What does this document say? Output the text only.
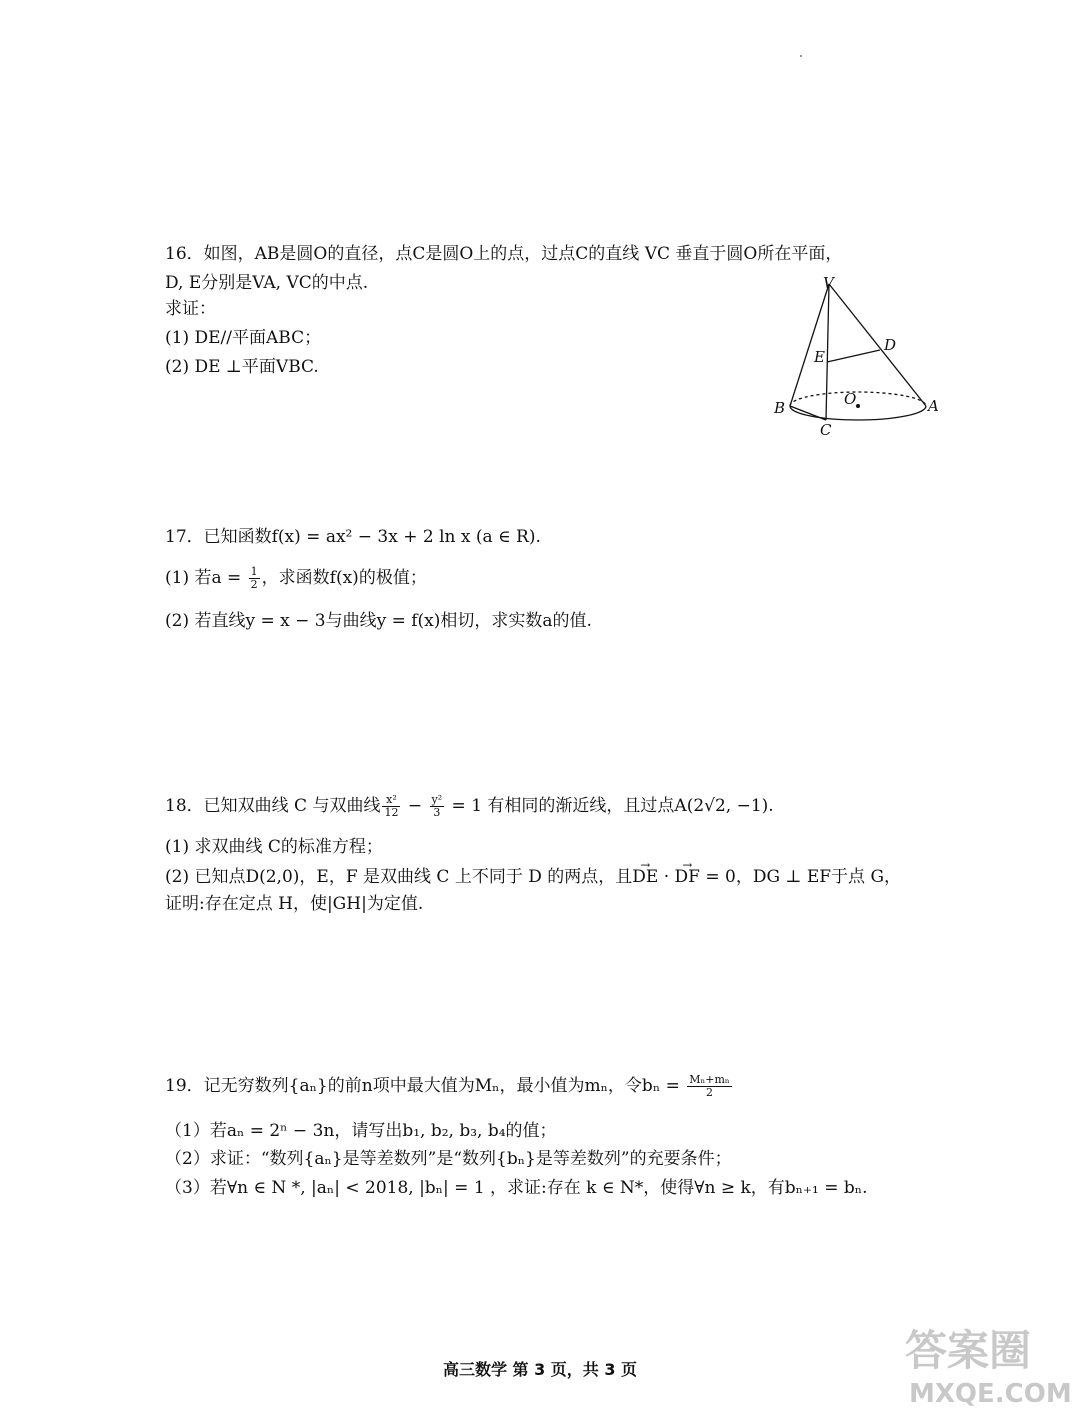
16．如图，AB是圆O的直径，点C是圆O上的点，过点C的直线 VC 垂直于圆O所在平面，
D, E分别是VA, VC的中点.
求证：
(1) DE//平面ABC；
(2) DE ⊥平面VBC.
V
D
E
O
B	A
C
17．已知函数f(x) = ax² − 3x + 2 ln x (a ∈ R).
(1) 若$a = \frac{1}{2}$ ，求函数f(x)的极值；
(2) 若直线y = x − 3与曲线y = f(x)相切，求实数a的值.
18．已知双曲线 C 与双曲线 $\frac{\text{x²}}{12} - \frac{\text{y²}}{3} = 1$ 有相同的渐近线，且过点A(2√2, −1).
(1) 求双曲线 C的标准方程；
(2) 已知点D(2,0)，E，F 是双曲线 C 上不同于 D 的两点，且→ DE · → DF = 0，DG ⊥ EF于点 G，
证明:存在定点 H，使|GH|为定值.
19．记无穷数列{aₙ}的前n项中最大值为Mₙ，最小值为mₙ，令$b_n = \frac{\text{Mₙ+mₙ}}{2}$
（1）若aₙ = 2ⁿ − 3n，请写出b₁, b₂, b₃, b₄的值；
（2）求证：“数列{aₙ}是等差数列”是“数列{bₙ}是等差数列”的充要条件；
（3）若∀n ∈ N *, |aₙ| < 2018, |bₙ| = 1 ，求证:存在 k ∈ N*，使得∀n ≥ k，有bₙ₊₁ = bₙ.
高三数学 第 3 页，共 3 页	答案圈
MXQE.COM
